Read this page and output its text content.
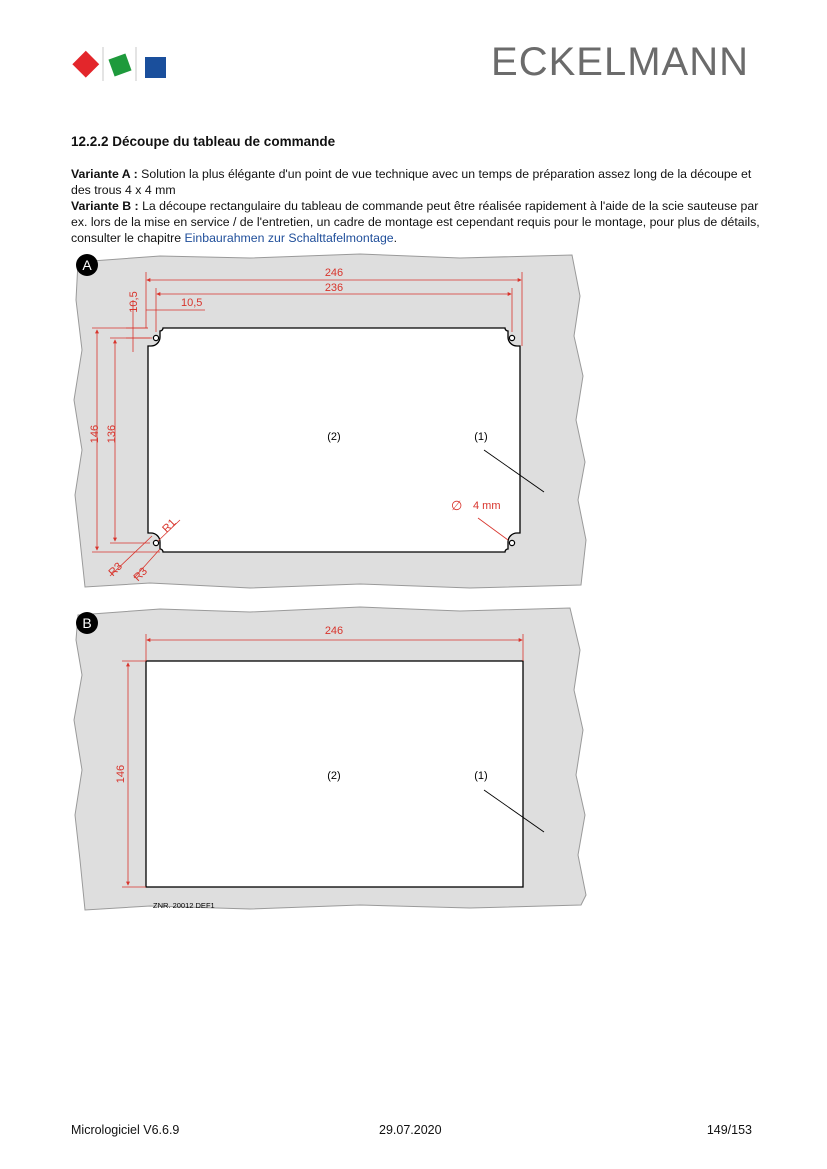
ECKELMANN
12.2.2 Découpe du tableau de commande

Variante A : Solution la plus élégante d'un point de vue technique avec un temps de préparation assez long de la découpe et des trous 4 x 4 mm

Variante B : La découpe rectangulaire du tableau de commande peut être réalisée rapidement à l'aide de la scie sauteuse par ex. lors de la mise en service / de l'entretien, un cadre de montage est cependant requis pour le montage, pour plus de détails, consulter le chapitre Einbaurahmen zur Schalttafelmontage.

246
236
10,5
10,5
146 136
R1
R3 R3
∅ 4 mm
(2)	(1)
A
246
146	(2)	(1)
ZNR. 20012 DEF1
B
Micrologiciel V6.6.9	29.07.2020	149/153
